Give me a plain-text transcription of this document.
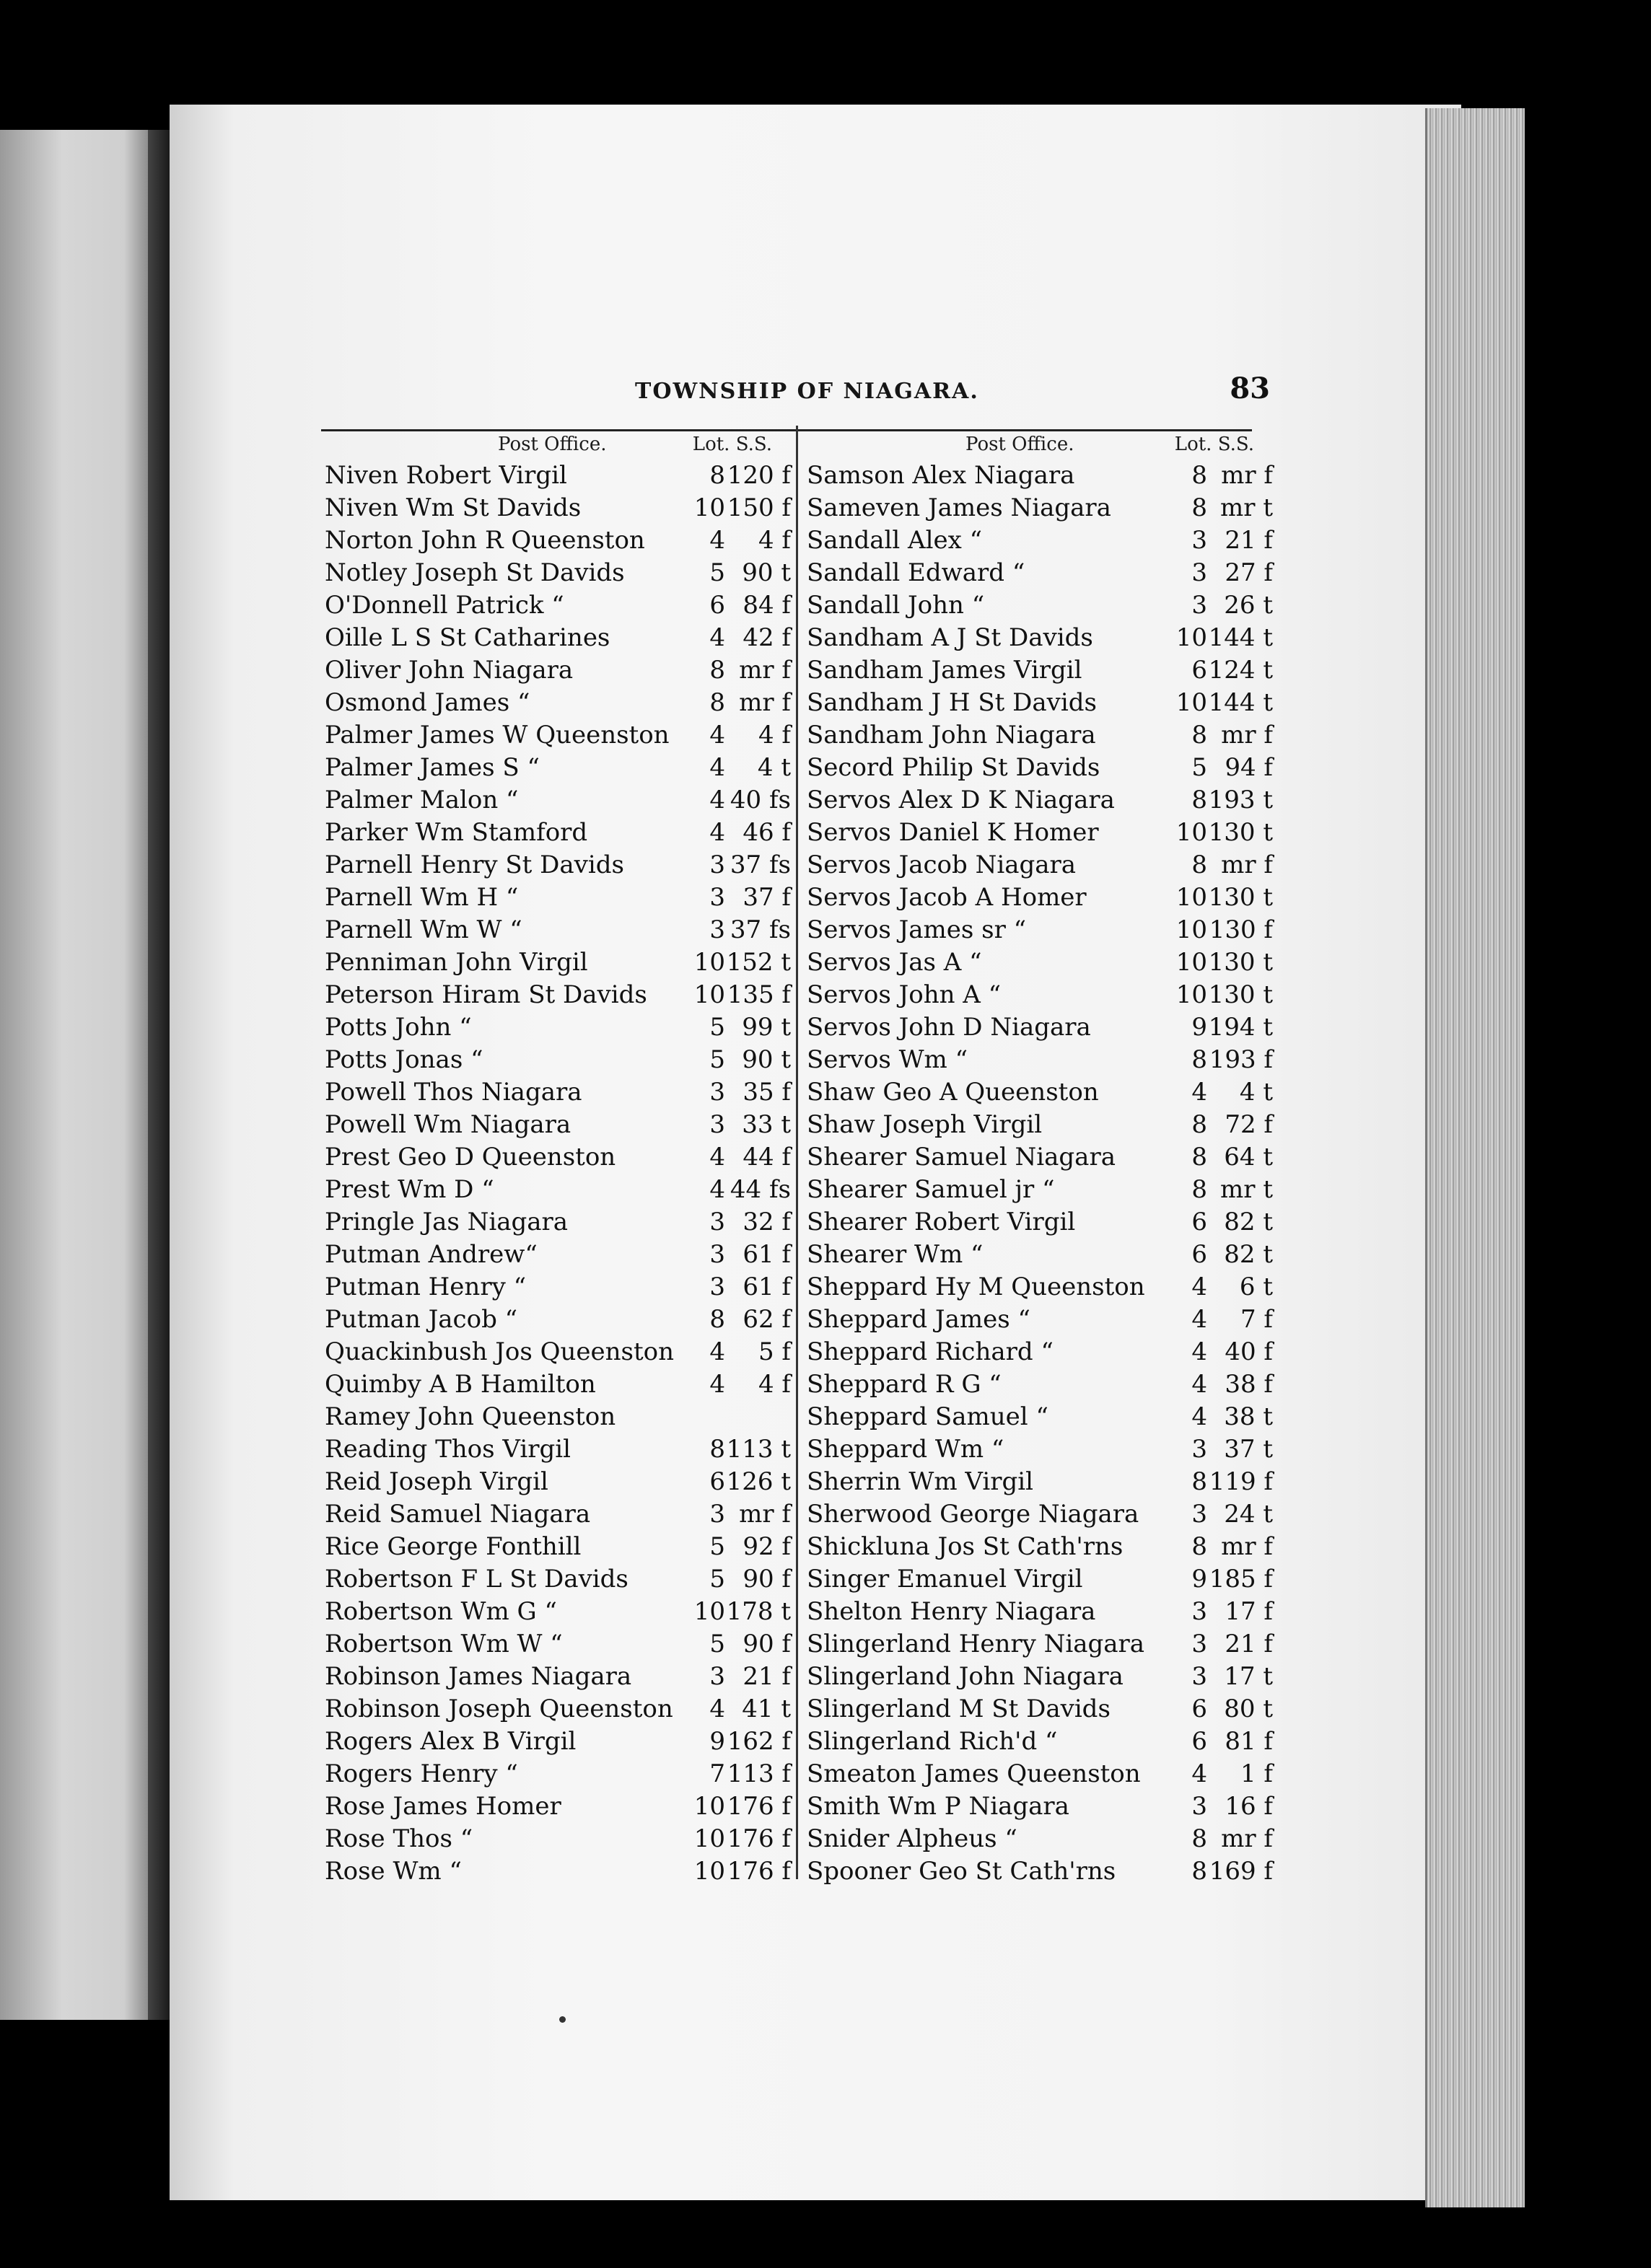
TOWNSHIP OF NIAGARA.	83
Post Office.	Lot. S.S.
Niven Robert Virgil	8 120 f
Niven Wm St Davids	10 150 f
Norton John R Queenston	4 4 f
Notley Joseph St Davids	5 90 t
O'Donnell Patrick “	6 84 f
Oille L S St Catharines	4 42 f
Oliver John Niagara	8 mr f
Osmond James “	8 mr f
Palmer James W Queenston 4 4 f
Palmer James S “	4 4 t
Palmer Malon “	4 40 fs
Parker Wm Stamford	4 46 f
Parnell Henry St Davids	3 37 fs
Parnell Wm H “	3 37 f
Parnell Wm W “	3 37 fs
Penniman John Virgil	10 152 t
Peterson Hiram St Davids 10 135 f
Potts John “	5 99 t
Potts Jonas “	5 90 t
Powell Thos Niagara	3 35 f
Powell Wm Niagara	3 33 t
Prest Geo D Queenston	4 44 f
Prest Wm D “	4 44 fs
Pringle Jas Niagara	3 32 f
Putman Andrew“	3 61 f
Putman Henry “	3 61 f
Putman Jacob “	8 62 f
Quackinbush Jos Queenston 4 5 f
Quimby A B Hamilton	4 4 f
Ramey John Queenston
Reading Thos Virgil	8 113 t
Reid Joseph Virgil	6 126 t
Reid Samuel Niagara	3 mr f
Rice George Fonthill	5 92 f
Robertson F L St Davids	5 90 f
Robertson Wm G “	10 178 t
Robertson Wm W “	5 90 f
Robinson James Niagara	3 21 f
Robinson Joseph Queenston 4 41 t
Rogers Alex B Virgil	9 162 f
Rogers Henry “	7 113 f
Rose James Homer	10 176 f
Rose Thos “	10 176 f
Rose Wm “	10 176 f
Post Office.	Lot. S.S.
Samson Alex Niagara	8 mr f
Sameven James Niagara	8 mr t
Sandall Alex “	3 21 f
Sandall Edward “	3 27 f
Sandall John “	3 26 t
Sandham A J St Davids	10 144 t
Sandham James Virgil	6 124 t
Sandham J H St Davids	10 144 t
Sandham John Niagara	8 mr f
Secord Philip St Davids	5 94 f
Servos Alex D K Niagara	8 193 t
Servos Daniel K Homer	10 130 t
Servos Jacob Niagara	8 mr f
Servos Jacob A Homer	10 130 t
Servos James sr “	10 130 f
Servos Jas A “	10 130 t
Servos John A “	10 130 t
Servos John D Niagara	9 194 t
Servos Wm “	8 193 f
Shaw Geo A Queenston	4 4 t
Shaw Joseph Virgil	8 72 f
Shearer Samuel Niagara	8 64 t
Shearer Samuel jr “	8 mr t
Shearer Robert Virgil	6 82 t
Shearer Wm “	6 82 t
Sheppard Hy M Queenston 4 6 t
Sheppard James “	4 7 f
Sheppard Richard “	4 40 f
Sheppard R G “	4 38 f
Sheppard Samuel “	4 38 t
Sheppard Wm “	3 37 t
Sherrin Wm Virgil	8 119 f
Sherwood George Niagara 3 24 t
Shickluna Jos St Cath'rns	8 mr f
Singer Emanuel Virgil	9 185 f
Shelton Henry Niagara	3 17 f
Slingerland Henry Niagara 3 21 f
Slingerland John Niagara	3 17 t
Slingerland M St Davids	6 80 t
Slingerland Rich'd “	6 81 f
Smeaton James Queenston 4 1 f
Smith Wm P Niagara	3 16 f
Snider Alpheus “	8 mr f
Spooner Geo St Cath'rns	8 169 f
